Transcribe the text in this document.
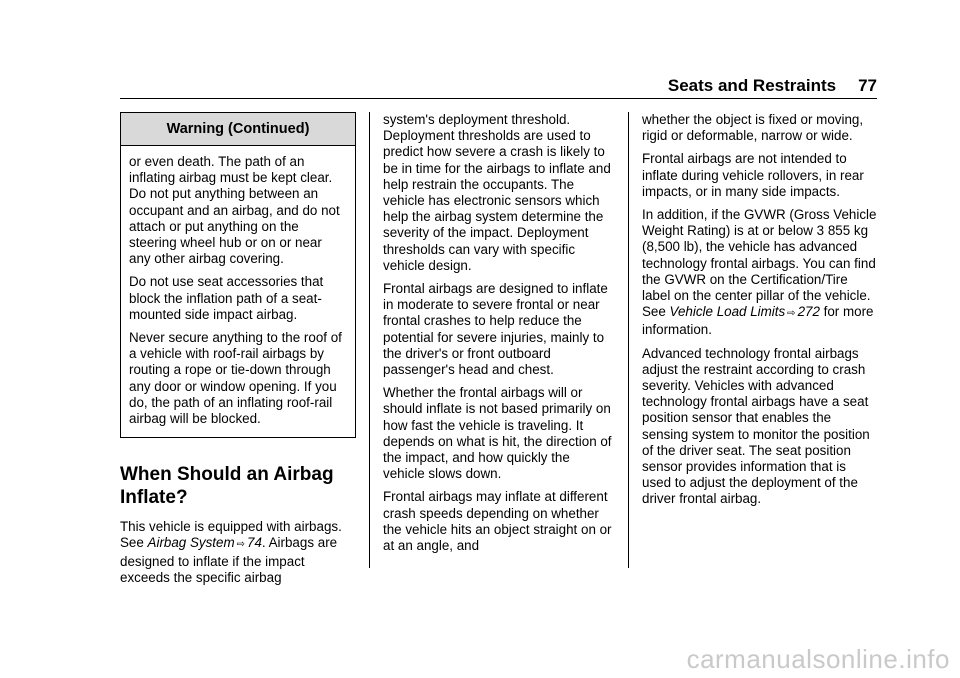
Seats and Restraints 77
Warning (Continued)

or even death. The path of an inflating airbag must be kept clear. Do not put anything between an occupant and an airbag, and do not attach or put anything on the steering wheel hub or on or near any other airbag covering.

Do not use seat accessories that block the inflation path of a seat-mounted side impact airbag.

Never secure anything to the roof of a vehicle with roof-rail airbags by routing a rope or tie-down through any door or window opening. If you do, the path of an inflating roof-rail airbag will be blocked.

When Should an Airbag Inflate?

This vehicle is equipped with airbags. See Airbag System ⇨ 74. Airbags are designed to inflate if the impact exceeds the specific airbag

system's deployment threshold. Deployment thresholds are used to predict how severe a crash is likely to be in time for the airbags to inflate and help restrain the occupants. The vehicle has electronic sensors which help the airbag system determine the severity of the impact. Deployment thresholds can vary with specific vehicle design.

Frontal airbags are designed to inflate in moderate to severe frontal or near frontal crashes to help reduce the potential for severe injuries, mainly to the driver's or front outboard passenger's head and chest.

Whether the frontal airbags will or should inflate is not based primarily on how fast the vehicle is traveling. It depends on what is hit, the direction of the impact, and how quickly the vehicle slows down.

Frontal airbags may inflate at different crash speeds depending on whether the vehicle hits an object straight on or at an angle, and

whether the object is fixed or moving, rigid or deformable, narrow or wide.

Frontal airbags are not intended to inflate during vehicle rollovers, in rear impacts, or in many side impacts.

In addition, if the GVWR (Gross Vehicle Weight Rating) is at or below 3 855 kg (8,500 lb), the vehicle has advanced technology frontal airbags. You can find the GVWR on the Certification/Tire label on the center pillar of the vehicle. See Vehicle Load Limits ⇨ 272 for more information.

Advanced technology frontal airbags adjust the restraint according to crash severity. Vehicles with advanced technology frontal airbags have a seat position sensor that enables the sensing system to monitor the position of the driver seat. The seat position sensor provides information that is used to adjust the deployment of the driver frontal airbag.

carmanualsonline.info
